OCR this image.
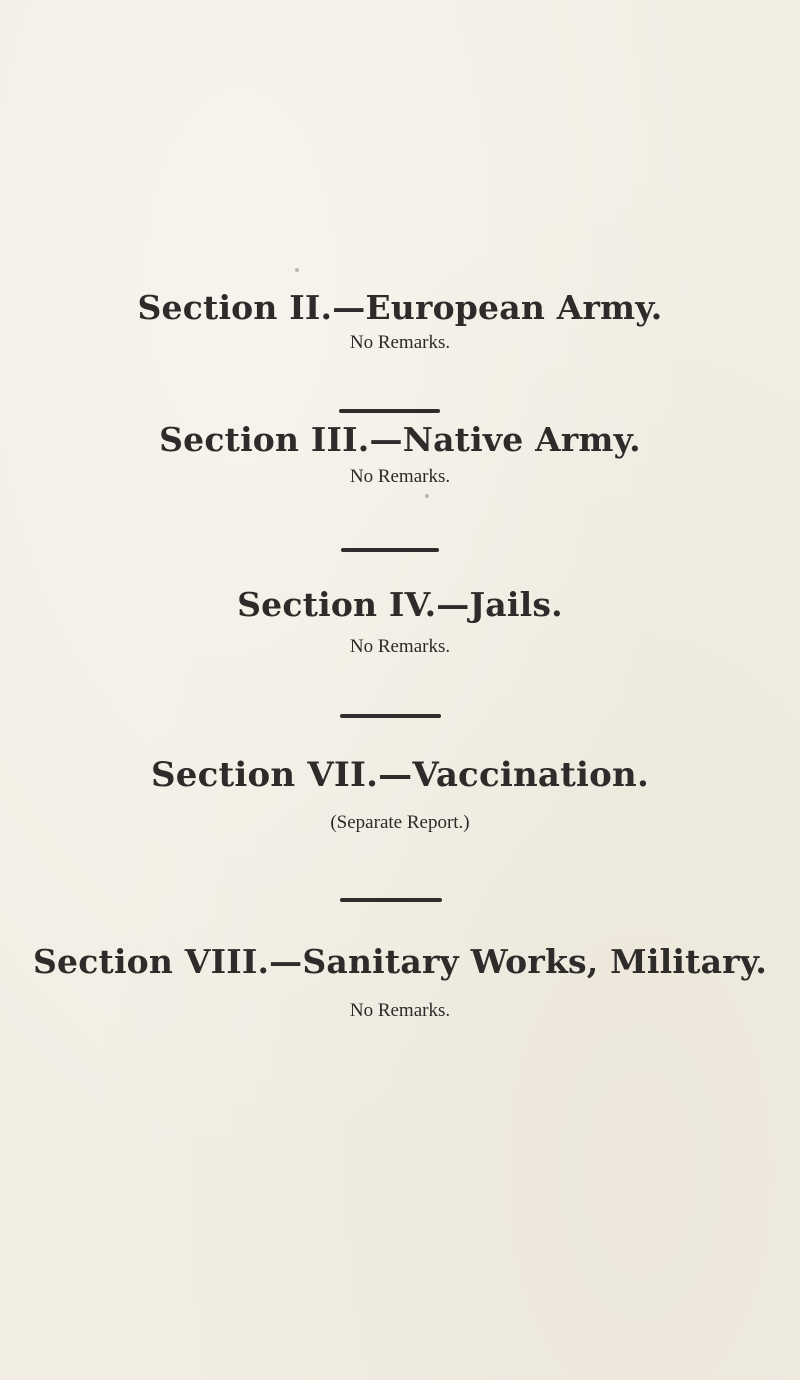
Section II.—European Army.
No Remarks.
Section III.—Native Army.
No Remarks.
Section IV.—Jails.
No Remarks.
Section VII.—Vaccination.
(Separate Report.)
Section VIII.—Sanitary Works, Military.
No Remarks.
